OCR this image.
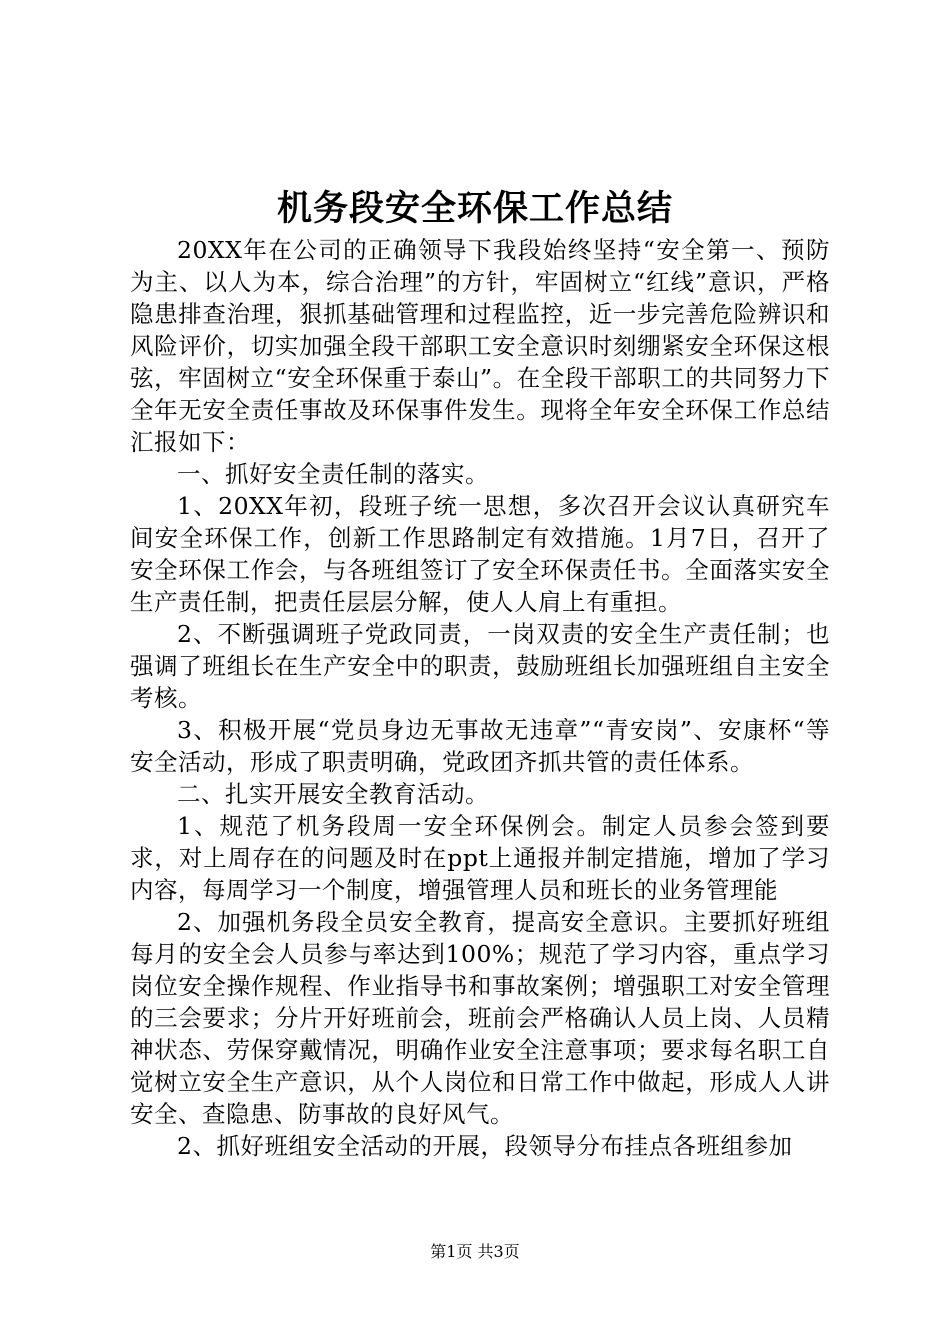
机务段安全环保工作总结

20XX年在公司的正确领导下我段始终坚持“安全第一、预防为主、以人为本，综合治理”的方针，牢固树立“红线”意识，严格隐患排查治理，狠抓基础管理和过程监控，近一步完善危险辨识和风险评价，切实加强全段干部职工安全意识时刻绷紧安全环保这根弦，牢固树立“安全环保重于泰山”。在全段干部职工的共同努力下全年无安全责任事故及环保事件发生。现将全年安全环保工作总结汇报如下：

一、抓好安全责任制的落实。

1、20XX年初，段班子统一思想，多次召开会议认真研究车间安全环保工作，创新工作思路制定有效措施。1月7日，召开了安全环保工作会，与各班组签订了安全环保责任书。全面落实安全生产责任制，把责任层层分解，使人人肩上有重担。

2、不断强调班子党政同责，一岗双责的安全生产责任制；也强调了班组长在生产安全中的职责，鼓励班组长加强班组自主安全考核。

3、积极开展“党员身边无事故无违章”“青安岗”、安康杯“等安全活动，形成了职责明确，党政团齐抓共管的责任体系。

二、扎实开展安全教育活动。

1、规范了机务段周一安全环保例会。制定人员参会签到要求，对上周存在的问题及时在ppt上通报并制定措施，增加了学习内容，每周学习一个制度，增强管理人员和班长的业务管理能

2、加强机务段全员安全教育，提高安全意识。主要抓好班组每月的安全会人员参与率达到100%；规范了学习内容，重点学习岗位安全操作规程、作业指导书和事故案例；增强职工对安全管理的三会要求；分片开好班前会，班前会严格确认人员上岗、人员精神状态、劳保穿戴情况，明确作业安全注意事项；要求每名职工自觉树立安全生产意识，从个人岗位和日常工作中做起，形成人人讲安全、查隐患、防事故的良好风气。

2、抓好班组安全活动的开展，段领导分布挂点各班组参加

第1页 共3页
